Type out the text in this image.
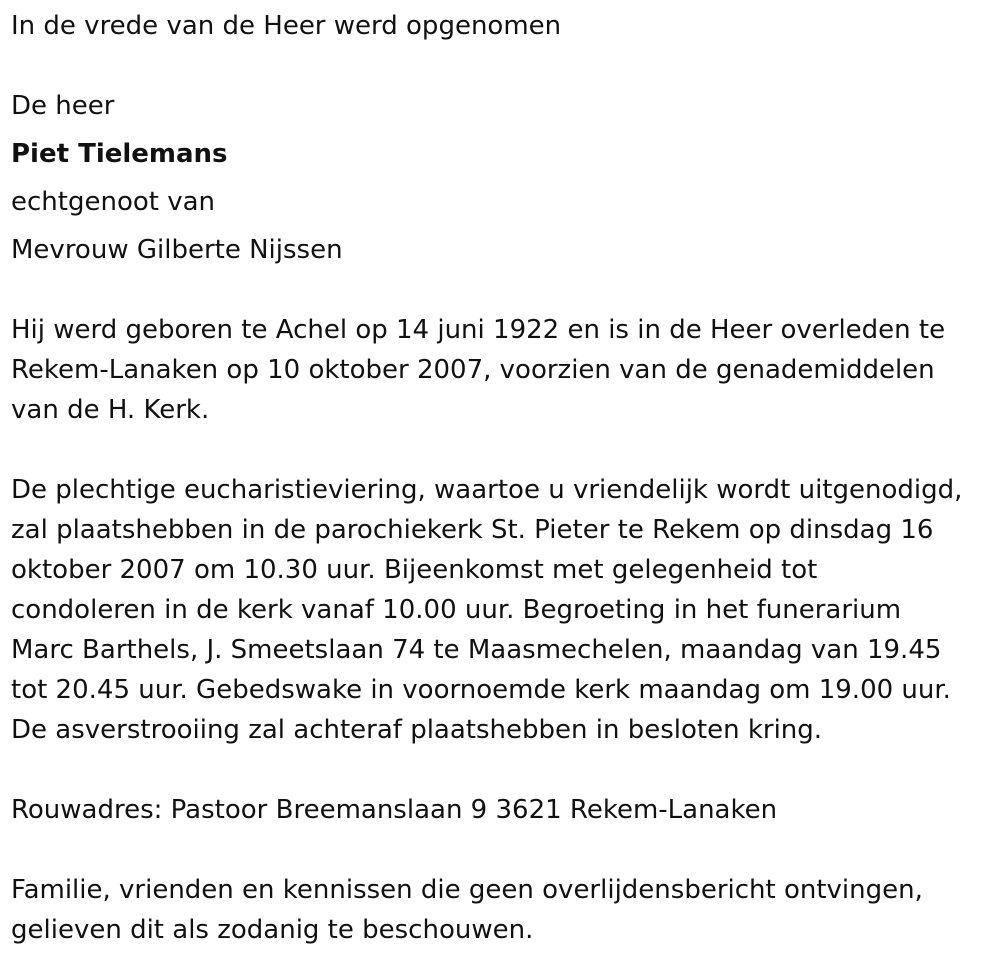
In de vrede van de Heer werd opgenomen
De heer
Piet Tielemans
echtgenoot van
Mevrouw Gilberte Nijssen
Hij werd geboren te Achel op 14 juni 1922 en is in de Heer overleden te
Rekem-Lanaken op 10 oktober 2007, voorzien van de genademiddelen
van de H. Kerk.
De plechtige eucharistieviering, waartoe u vriendelijk wordt uitgenodigd,
zal plaatshebben in de parochiekerk St. Pieter te Rekem op dinsdag 16
oktober 2007 om 10.30 uur. Bijeenkomst met gelegenheid tot
condoleren in de kerk vanaf 10.00 uur. Begroeting in het funerarium
Marc Barthels, J. Smeetslaan 74 te Maasmechelen, maandag van 19.45
tot 20.45 uur. Gebedswake in voornoemde kerk maandag om 19.00 uur.
De asverstrooiing zal achteraf plaatshebben in besloten kring.
Rouwadres: Pastoor Breemanslaan 9 3621 Rekem-Lanaken
Familie, vrienden en kennissen die geen overlijdensbericht ontvingen,
gelieven dit als zodanig te beschouwen.
